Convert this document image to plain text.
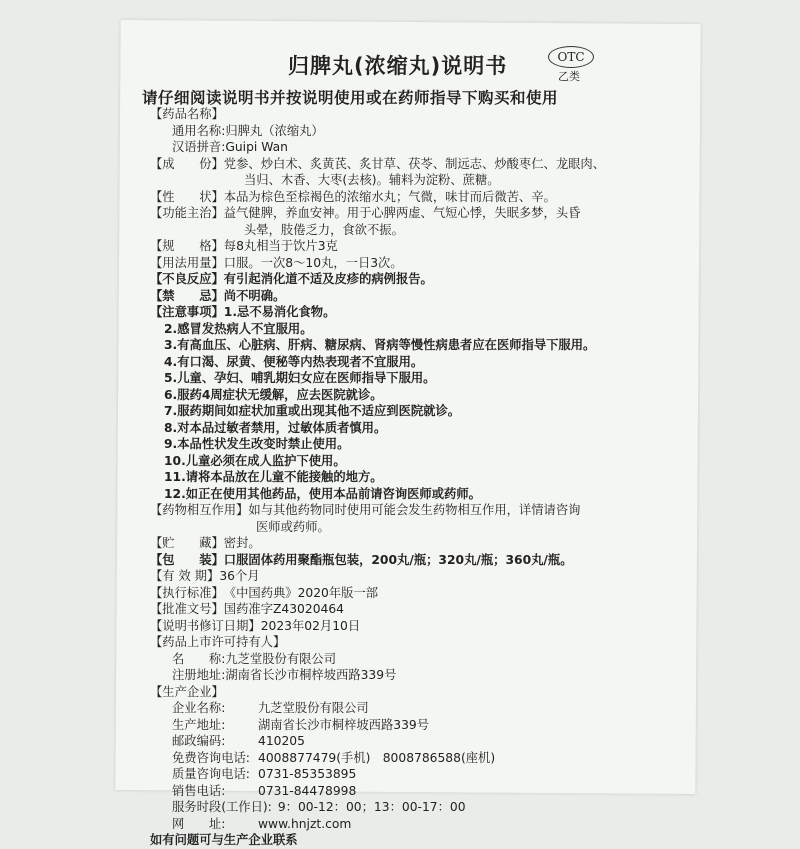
归脾丸(浓缩丸)说明书	OTC
乙类
请仔细阅读说明书并按说明使用或在药师指导下购买和使用
【药品名称】
通用名称: 归脾丸（浓缩丸）
汉语拼音: Guipi Wan
【成　　份】 党参、炒白术、炙黄芪、炙甘草、茯苓、制远志、炒酸枣仁、龙眼肉、
当归、木香、大枣(去核)。辅料为淀粉、蔗糖。
【性　　状】 本品为棕色至棕褐色的浓缩水丸；气微，味甘而后微苦、辛。
【功能主治】 益气健脾，养血安神。用于心脾两虚、气短心悸，失眠多梦，头昏
头晕，肢倦乏力，食欲不振。
【规　　格】 每8丸相当于饮片3克
【用法用量】 口服。一次8～10丸，一日3次。
【不良反应】 有引起消化道不适及皮疹的病例报告。
【禁　　忌】 尚不明确。
【注意事项】 1.忌不易消化食物。
2.感冒发热病人不宜服用。
3.有高血压、心脏病、肝病、糖尿病、肾病等慢性病患者应在医师指导下服用。
4.有口渴、尿黄、便秘等内热表现者不宜服用。
5.儿童、孕妇、哺乳期妇女应在医师指导下服用。
6.服药4周症状无缓解，应去医院就诊。
7.服药期间如症状加重或出现其他不适应到医院就诊。
8.对本品过敏者禁用，过敏体质者慎用。
9.本品性状发生改变时禁止使用。
10.儿童必须在成人监护下使用。
11.请将本品放在儿童不能接触的地方。
12.如正在使用其他药品，使用本品前请咨询医师或药师。
【药物相互作用】 如与其他药物同时使用可能会发生药物相互作用，详情请咨询
医师或药师。
【贮　　藏】 密封。
【包　　装】 口服固体药用聚酯瓶包装，200丸/瓶；320丸/瓶；360丸/瓶。
【有 效 期】 36个月
【执行标准】 《中国药典》2020年版一部
【批准文号】 国药准字Z43020464
【说明书修订日期】 2023年02月10日
【药品上市许可持有人】
名　　称: 九芝堂股份有限公司
注册地址: 湖南省长沙市桐梓坡西路339号
【生产企业】
企业名称:	九芝堂股份有限公司
生产地址:	湖南省长沙市桐梓坡西路339号
邮政编码:	410205
免费咨询电话: 4008877479(手机)　8008786588(座机)
质量咨询电话: 0731-85353895
销售电话:	0731-84478998
服务时段(工作日): 9：00-12：00；13：00-17：00
网　　址:	www.hnjzt.com
如有问题可与生产企业联系
